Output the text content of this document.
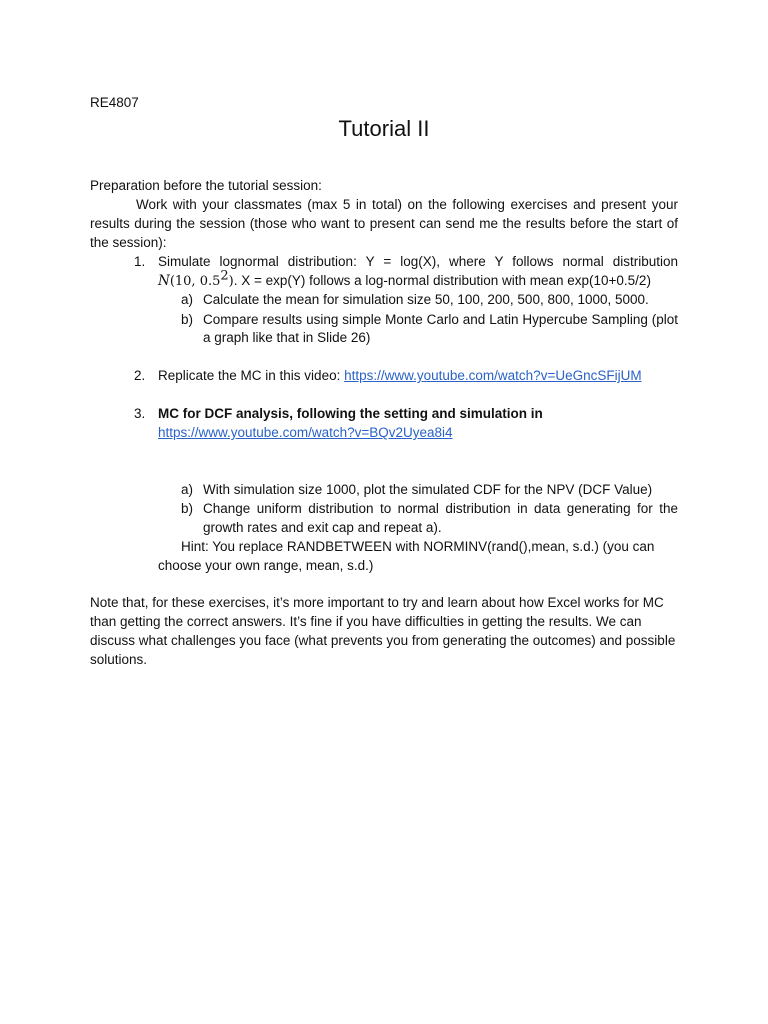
RE4807
Tutorial II
Preparation before the tutorial session:
Work with your classmates (max 5 in total) on the following exercises and present your results during the session (those who want to present can send me the results before the start of the session):
1. Simulate lognormal distribution: Y = log(X), where Y follows normal distribution
N(10, $0.5^2$). X = exp(Y) follows a log-normal distribution with mean exp(10+0.5/2)
a) Calculate the mean for simulation size 50, 100, 200, 500, 800, 1000, 5000.
b) Compare results using simple Monte Carlo and Latin Hypercube Sampling (plot
a graph like that in Slide 26)
2. Replicate the MC in this video: https://www.youtube.com/watch?v=UeGncSFijUM
3. MC for DCF analysis, following the setting and simulation in
https://www.youtube.com/watch?v=BQv2Uyea8i4
a) With simulation size 1000, plot the simulated CDF for the NPV (DCF Value)
b) Change uniform distribution to normal distribution in data generating for the
growth rates and exit cap and repeat a).
Hint: You replace RANDBETWEEN with NORMINV(rand(),mean, s.d.) (you can
choose your own range, mean, s.d.)
Note that, for these exercises, it’s more important to try and learn about how Excel works for MC than getting the correct answers. It’s fine if you have difficulties in getting the results. We can discuss what challenges you face (what prevents you from generating the outcomes) and possible solutions.
